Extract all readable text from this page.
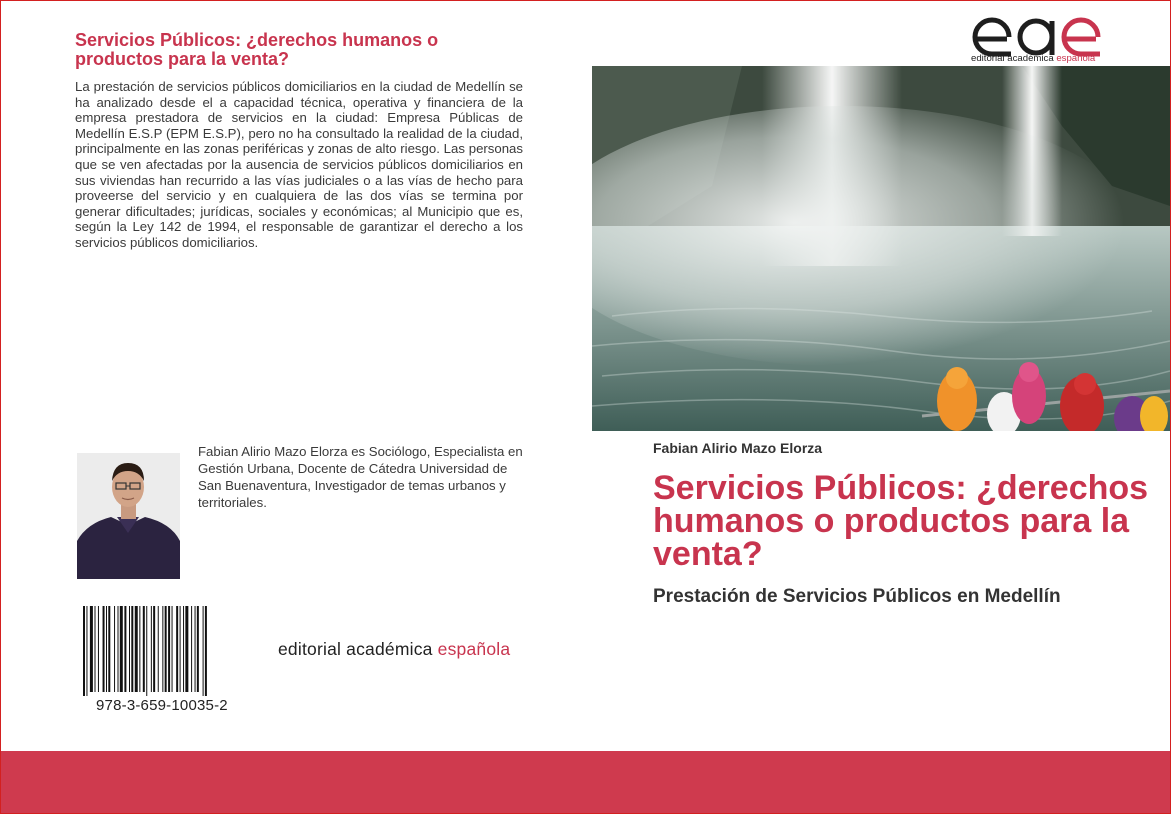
Servicios Públicos: ¿derechos humanos o productos para la venta?

La prestación de servicios públicos domiciliarios en la ciudad de Medellín se ha analizado desde el a capacidad técnica, operativa y financiera de la empresa prestadora de servicios en la ciudad: Empresa Públicas de Medellín E.S.P (EPM E.S.P), pero no ha consultado la realidad de la ciudad, principalmente en las zonas periféricas y zonas de alto riesgo. Las personas que se ven afectadas por la ausencia de servicios públicos domiciliarios en sus viviendas han recurrido a las vías judiciales o a las vías de hecho para proveerse del servicio y en cualquiera de las dos vías se termina por generar dificultades; jurídicas, sociales y económicas; al Municipio que es, según la Ley 142 de 1994, el responsable de garantizar el derecho a los servicios públicos domiciliarios.

Fabian Alirio Mazo Elorza es Sociólogo, Especialista en Gestión Urbana, Docente de Cátedra Universidad de San Buenaventura, Investigador de temas urbanos y territoriales.

978-3-659-10035-2
editorial académica española
editorial académica española
Fabian Alirio Mazo Elorza
Servicios Públicos: ¿derechos humanos o productos para la venta?
Prestación de Servicios Públicos en Medellín
